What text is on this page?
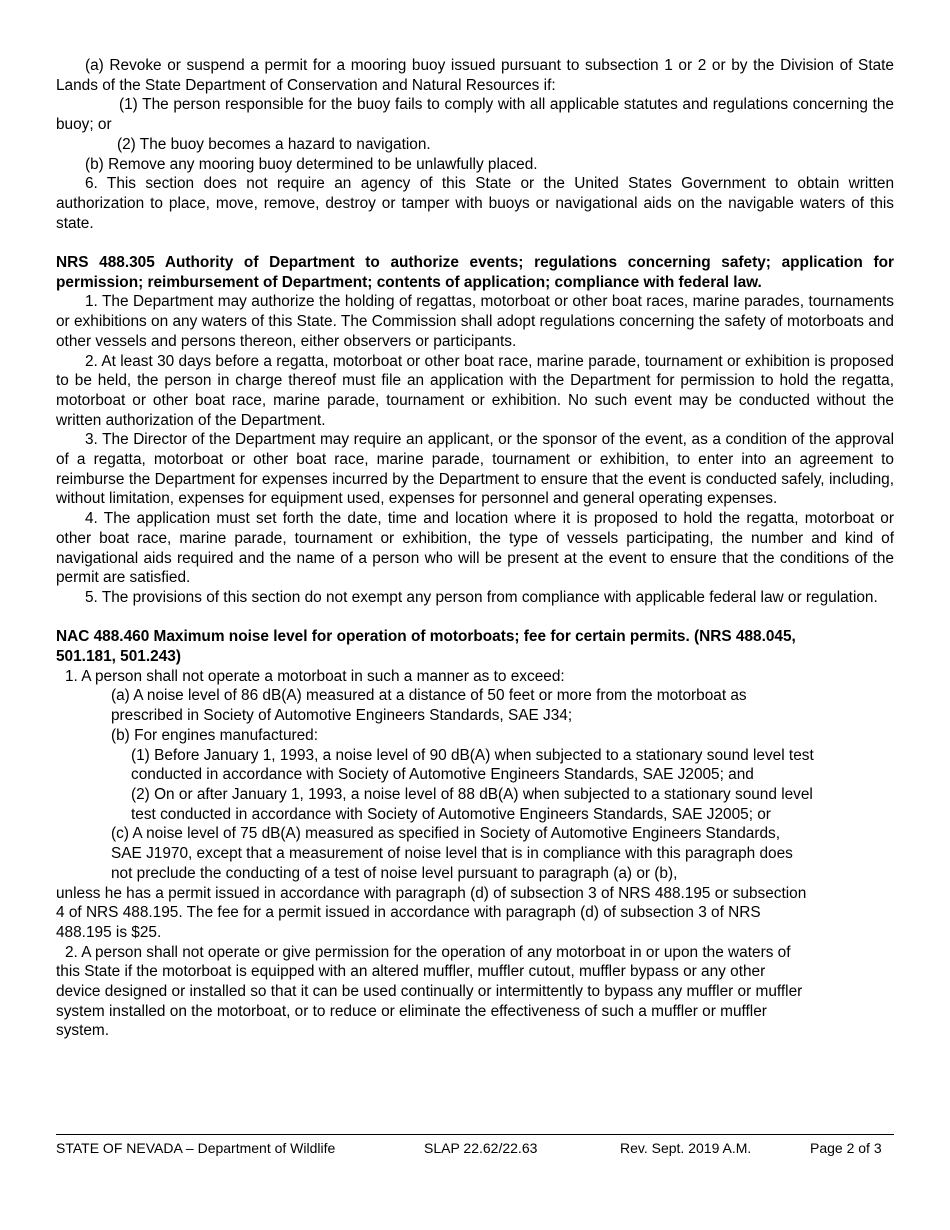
(a) Revoke or suspend a permit for a mooring buoy issued pursuant to subsection 1 or 2 or by the Division of State Lands of the State Department of Conservation and Natural Resources if:

(1) The person responsible for the buoy fails to comply with all applicable statutes and regulations concerning the buoy; or

(2) The buoy becomes a hazard to navigation.

(b) Remove any mooring buoy determined to be unlawfully placed.

6. This section does not require an agency of this State or the United States Government to obtain written authorization to place, move, remove, destroy or tamper with buoys or navigational aids on the navigable waters of this state.

NRS 488.305 Authority of Department to authorize events; regulations concerning safety; application for permission; reimbursement of Department; contents of application; compliance with federal law.

1. The Department may authorize the holding of regattas, motorboat or other boat races, marine parades, tournaments or exhibitions on any waters of this State. The Commission shall adopt regulations concerning the safety of motorboats and other vessels and persons thereon, either observers or participants.

2. At least 30 days before a regatta, motorboat or other boat race, marine parade, tournament or exhibition is proposed to be held, the person in charge thereof must file an application with the Department for permission to hold the regatta, motorboat or other boat race, marine parade, tournament or exhibition. No such event may be conducted without the written authorization of the Department.

3. The Director of the Department may require an applicant, or the sponsor of the event, as a condition of the approval of a regatta, motorboat or other boat race, marine parade, tournament or exhibition, to enter into an agreement to reimburse the Department for expenses incurred by the Department to ensure that the event is conducted safely, including, without limitation, expenses for equipment used, expenses for personnel and general operating expenses.

4. The application must set forth the date, time and location where it is proposed to hold the regatta, motorboat or other boat race, marine parade, tournament or exhibition, the type of vessels participating, the number and kind of navigational aids required and the name of a person who will be present at the event to ensure that the conditions of the permit are satisfied.

5. The provisions of this section do not exempt any person from compliance with applicable federal law or regulation.

NAC 488.460 Maximum noise level for operation of motorboats; fee for certain permits. (NRS 488.045,
501.181, 501.243)

1. A person shall not operate a motorboat in such a manner as to exceed:

(a) A noise level of 86 dB(A) measured at a distance of 50 feet or more from the motorboat as

prescribed in Society of Automotive Engineers Standards, SAE J34;

(b) For engines manufactured:

(1) Before January 1, 1993, a noise level of 90 dB(A) when subjected to a stationary sound level test

conducted in accordance with Society of Automotive Engineers Standards, SAE J2005; and

(2) On or after January 1, 1993, a noise level of 88 dB(A) when subjected to a stationary sound level

test conducted in accordance with Society of Automotive Engineers Standards, SAE J2005; or

(c) A noise level of 75 dB(A) measured as specified in Society of Automotive Engineers Standards,

SAE J1970, except that a measurement of noise level that is in compliance with this paragraph does

not preclude the conducting of a test of noise level pursuant to paragraph (a) or (b),

unless he has a permit issued in accordance with paragraph (d) of subsection 3 of NRS 488.195 or subsection

4 of NRS 488.195. The fee for a permit issued in accordance with paragraph (d) of subsection 3 of NRS

488.195 is $25.

2. A person shall not operate or give permission for the operation of any motorboat in or upon the waters of

this State if the motorboat is equipped with an altered muffler, muffler cutout, muffler bypass or any other

device designed or installed so that it can be used continually or intermittently to bypass any muffler or muffler

system installed on the motorboat, or to reduce or eliminate the effectiveness of such a muffler or muffler

system.

STATE OF NEVADA – Department of Wildlife	SLAP 22.62/22.63	Rev. Sept. 2019 A.M.	Page 2 of 3
